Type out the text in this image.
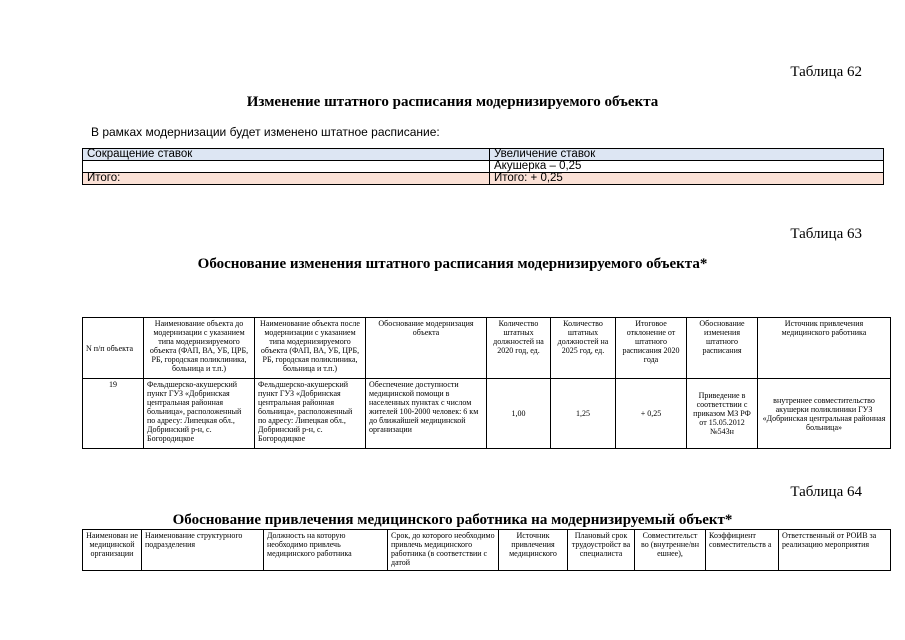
Таблица 62
Изменение штатного расписания модернизируемого объекта
В рамках модернизации будет изменено штатное расписание:
Сокращение ставок	Увеличение ставок
	Акушерка – 0,25
Итого:	Итого: + 0,25
Таблица 63
Обоснование изменения штатного расписания модернизируемого объекта*
N п/п объекта	Наименование объекта до модернизации с указанием типа модернизируемого объекта (ФАП, ВА, УБ, ЦРБ, РБ, городская поликлиника, больница и т.п.)	Наименование объекта после модернизации с указанием типа модернизируемого объекта (ФАП, ВА, УБ, ЦРБ, РБ, городская поликлиника, больница и т.п.)	Обоснование модернизация объекта	Количество штатных должностей на 2020 год, ед.	Количество штатных должностей на 2025 год, ед.	Итоговое отклонение от штатного расписания 2020 года	Обоснование изменения штатного расписания	Источник привлечения медицинского работника
19	Фельдшерско-акушерский пункт ГУЗ «Добринская центральная районная больница», расположенный по адресу: Липецкая обл., Добринский р-н, с. Богородицкое	Фельдшерско-акушерский пункт ГУЗ «Добринская центральная районная больница», расположенный по адресу: Липецкая обл., Добринский р-н, с. Богородицкое	Обеспечение доступности медицинской помощи в населенных пунктах с числом жителей 100-2000 человек: 6 км до ближайшей медицинской организации	1,00	1,25	+ 0,25	Приведение в соответствии с приказом МЗ РФ от 15.05.2012 №543н	внутреннее совместительство акушерки поликлиники ГУЗ «Добринская центральная районная больница»
Таблица 64
Обоснование привлечения медицинского работника на модернизируемый объект*
Наименован ие медицинской организации	Наименование структурного подразделения	Должность на которую необходимо привлечь медицинского работника	Срок, до которого необходимо привлечь медицинского работника (в соответствии с датой	Источник привлечения медицинского	Плановый срок трудоустройст ва специалиста	Совместительст во (внутренне/вн ешнее),	Коэффициент совместительств а	Ответственный от РОИВ за реализацию мероприятия
